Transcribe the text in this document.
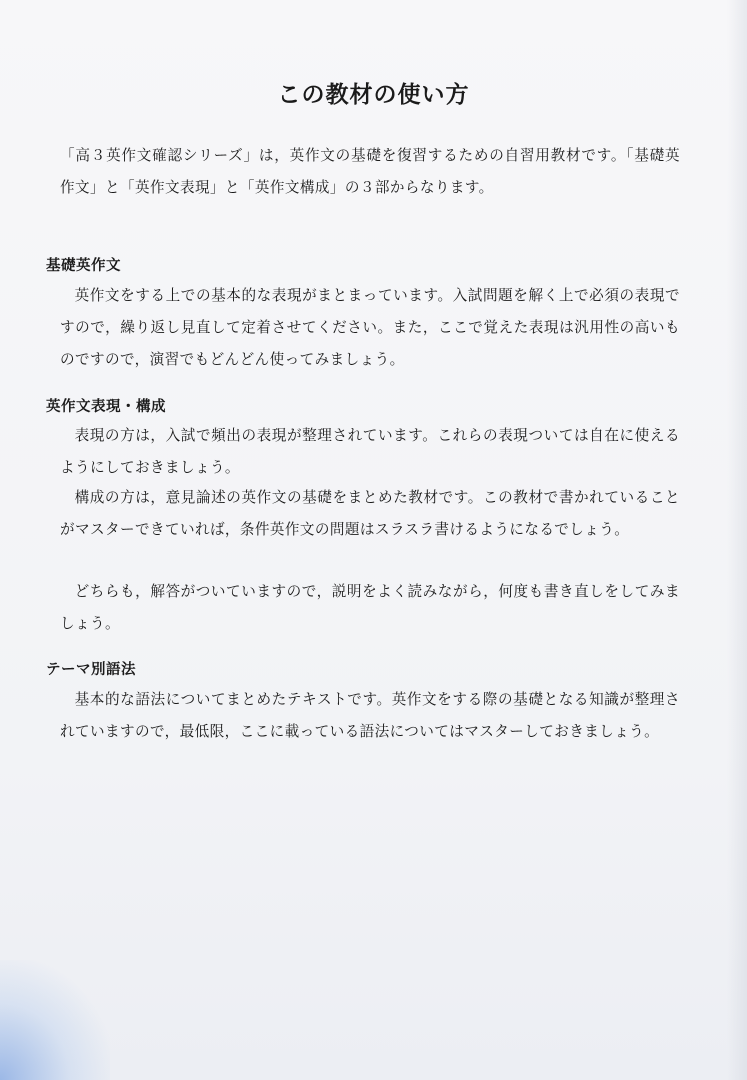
この教材の使い方
「高３英作文確認シリーズ」は，英作文の基礎を復習するための自習用教材です。「基礎英作文」と「英作文表現」と「英作文構成」の３部からなります。
基礎英作文
英作文をする上での基本的な表現がまとまっています。入試問題を解く上で必須の表現ですので，繰り返し見直して定着させてください。また，ここで覚えた表現は汎用性の高いものですので，演習でもどんどん使ってみましょう。
英作文表現・構成
表現の方は，入試で頻出の表現が整理されています。これらの表現ついては自在に使えるようにしておきましょう。
構成の方は，意見論述の英作文の基礎をまとめた教材です。この教材で書かれていることがマスターできていれば，条件英作文の問題はスラスラ書けるようになるでしょう。
どちらも，解答がついていますので，説明をよく読みながら，何度も書き直しをしてみましょう。
テーマ別語法
基本的な語法についてまとめたテキストです。英作文をする際の基礎となる知識が整理されていますので，最低限，ここに載っている語法についてはマスターしておきましょう。
